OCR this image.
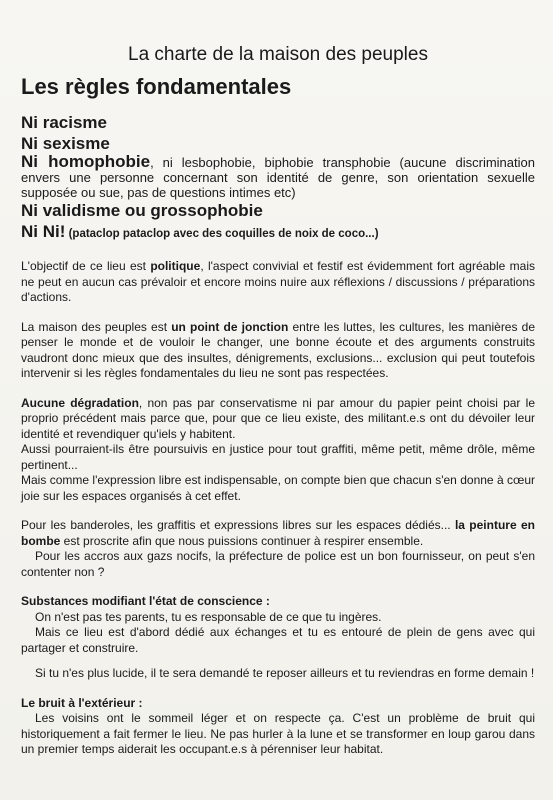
La charte de la maison des peuples
Les règles fondamentales
Ni racisme
Ni sexisme
Ni homophobie, ni lesbophobie, biphobie transphobie (aucune discrimination envers une personne concernant son identité de genre, son orientation sexuelle supposée ou sue, pas de questions intimes etc)
Ni validisme ou grossophobie
Ni Ni! (pataclop pataclop avec des coquilles de noix de coco...)

L'objectif de ce lieu est politique, l'aspect convivial et festif est évidemment fort agréable mais ne peut en aucun cas prévaloir et encore moins nuire aux réflexions / discussions / préparations d'actions.

La maison des peuples est un point de jonction entre les luttes, les cultures, les manières de penser le monde et de vouloir le changer, une bonne écoute et des arguments construits vaudront donc mieux que des insultes, dénigrements, exclusions... exclusion qui peut toutefois intervenir si les règles fondamentales du lieu ne sont pas respectées.

Aucune dégradation, non pas par conservatisme ni par amour du papier peint choisi par le proprio précédent mais parce que, pour que ce lieu existe, des militant.e.s ont du dévoiler leur identité et revendiquer qu'iels y habitent.

Aussi pourraient-ils être poursuivis en justice pour tout graffiti, même petit, même drôle, même pertinent...

Mais comme l'expression libre est indispensable, on compte bien que chacun s'en donne à cœur joie sur les espaces organisés à cet effet.

Pour les banderoles, les graffitis et expressions libres sur les espaces dédiés... la peinture en bombe est proscrite afin que nous puissions continuer à respirer ensemble.

Pour les accros aux gazs nocifs, la préfecture de police est un bon fournisseur, on peut s'en contenter non ?

Substances modifiant l'état de conscience :

On n'est pas tes parents, tu es responsable de ce que tu ingères.

Mais ce lieu est d'abord dédié aux échanges et tu es entouré de plein de gens avec qui partager et construire.

Si tu n'es plus lucide, il te sera demandé te reposer ailleurs et tu reviendras en forme demain !

Le bruit à l'extérieur :

Les voisins ont le sommeil léger et on respecte ça. C'est un problème de bruit qui historiquement a fait fermer le lieu. Ne pas hurler à la lune et se transformer en loup garou dans un premier temps aiderait les occupant.e.s à pérenniser leur habitat.
